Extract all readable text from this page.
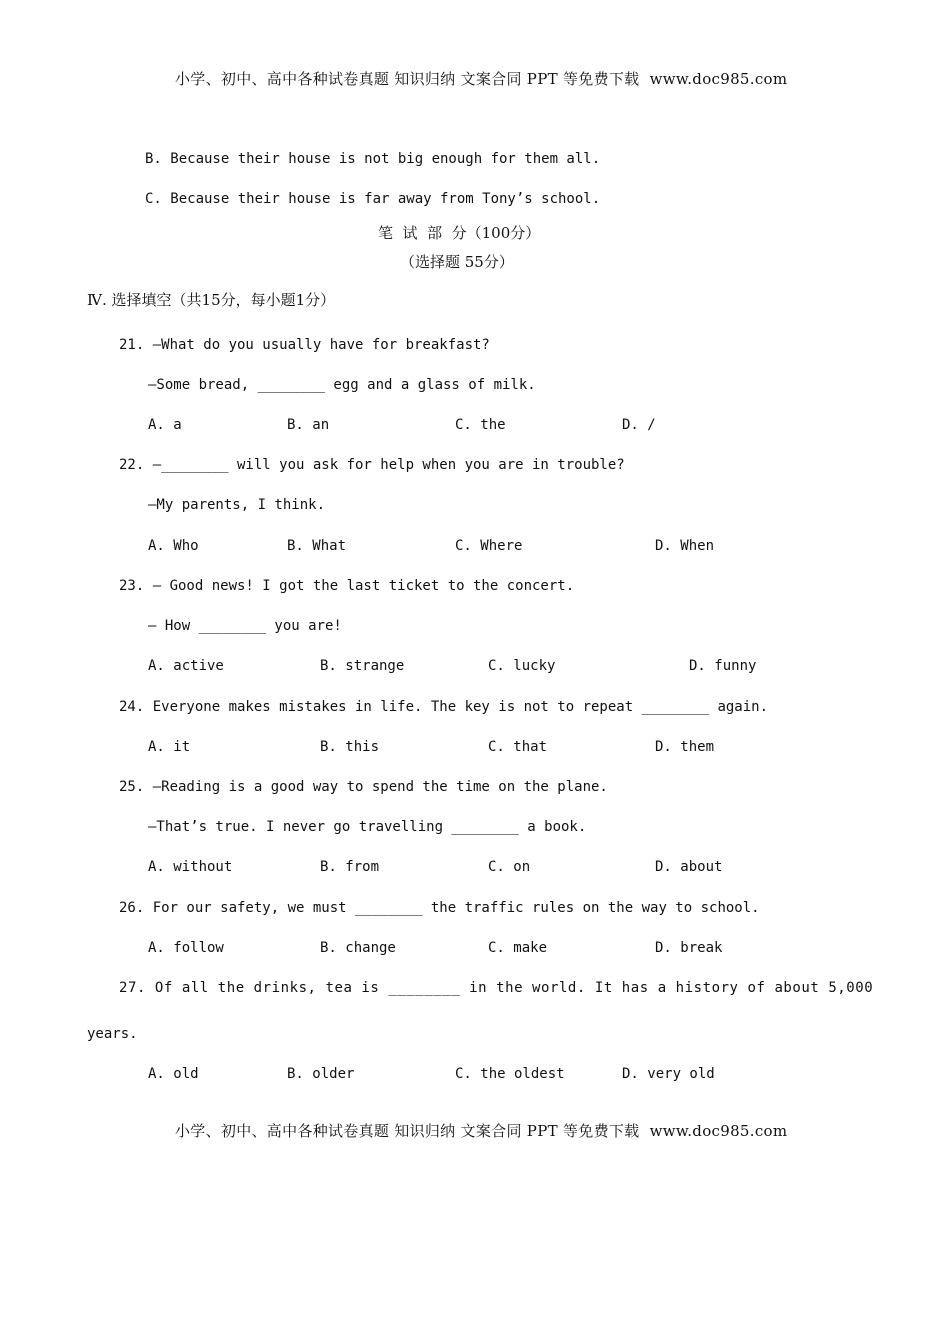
小学、初中、高中各种试卷真题 知识归纳 文案合同 PPT 等免费下载  www.doc985.com
B. Because their house is not big enough for them all.
C. Because their house is far away from Tony’s school.
笔  试  部  分（100分）
（选择题 55分）
Ⅳ. 选择填空（共15分，每小题1分）
21. —What do you usually have for breakfast?
—Some bread, ________ egg and a glass of milk.
A. a	B. an	C. the	D. /
22. —________ will you ask for help when you are in trouble?
—My parents, I think.
A. Who	B. What	C. Where	D. When
23. — Good news! I got the last ticket to the concert.
— How ________ you are!
A. active	B. strange	C. lucky	D. funny
24. Everyone makes mistakes in life. The key is not to repeat ________ again.
A. it	B. this	C. that	D. them
25. —Reading is a good way to spend the time on the plane.
—That’s true. I never go travelling ________ a book.
A. without	B. from	C. on	D. about
26. For our safety, we must ________ the traffic rules on the way to school.
A. follow	B. change	C. make	D. break
27. Of all the drinks, tea is ________ in the world. It has a history of about 5,000
years.
A. old	B. older	C. the oldest	D. very old
小学、初中、高中各种试卷真题 知识归纳 文案合同 PPT 等免费下载  www.doc985.com
